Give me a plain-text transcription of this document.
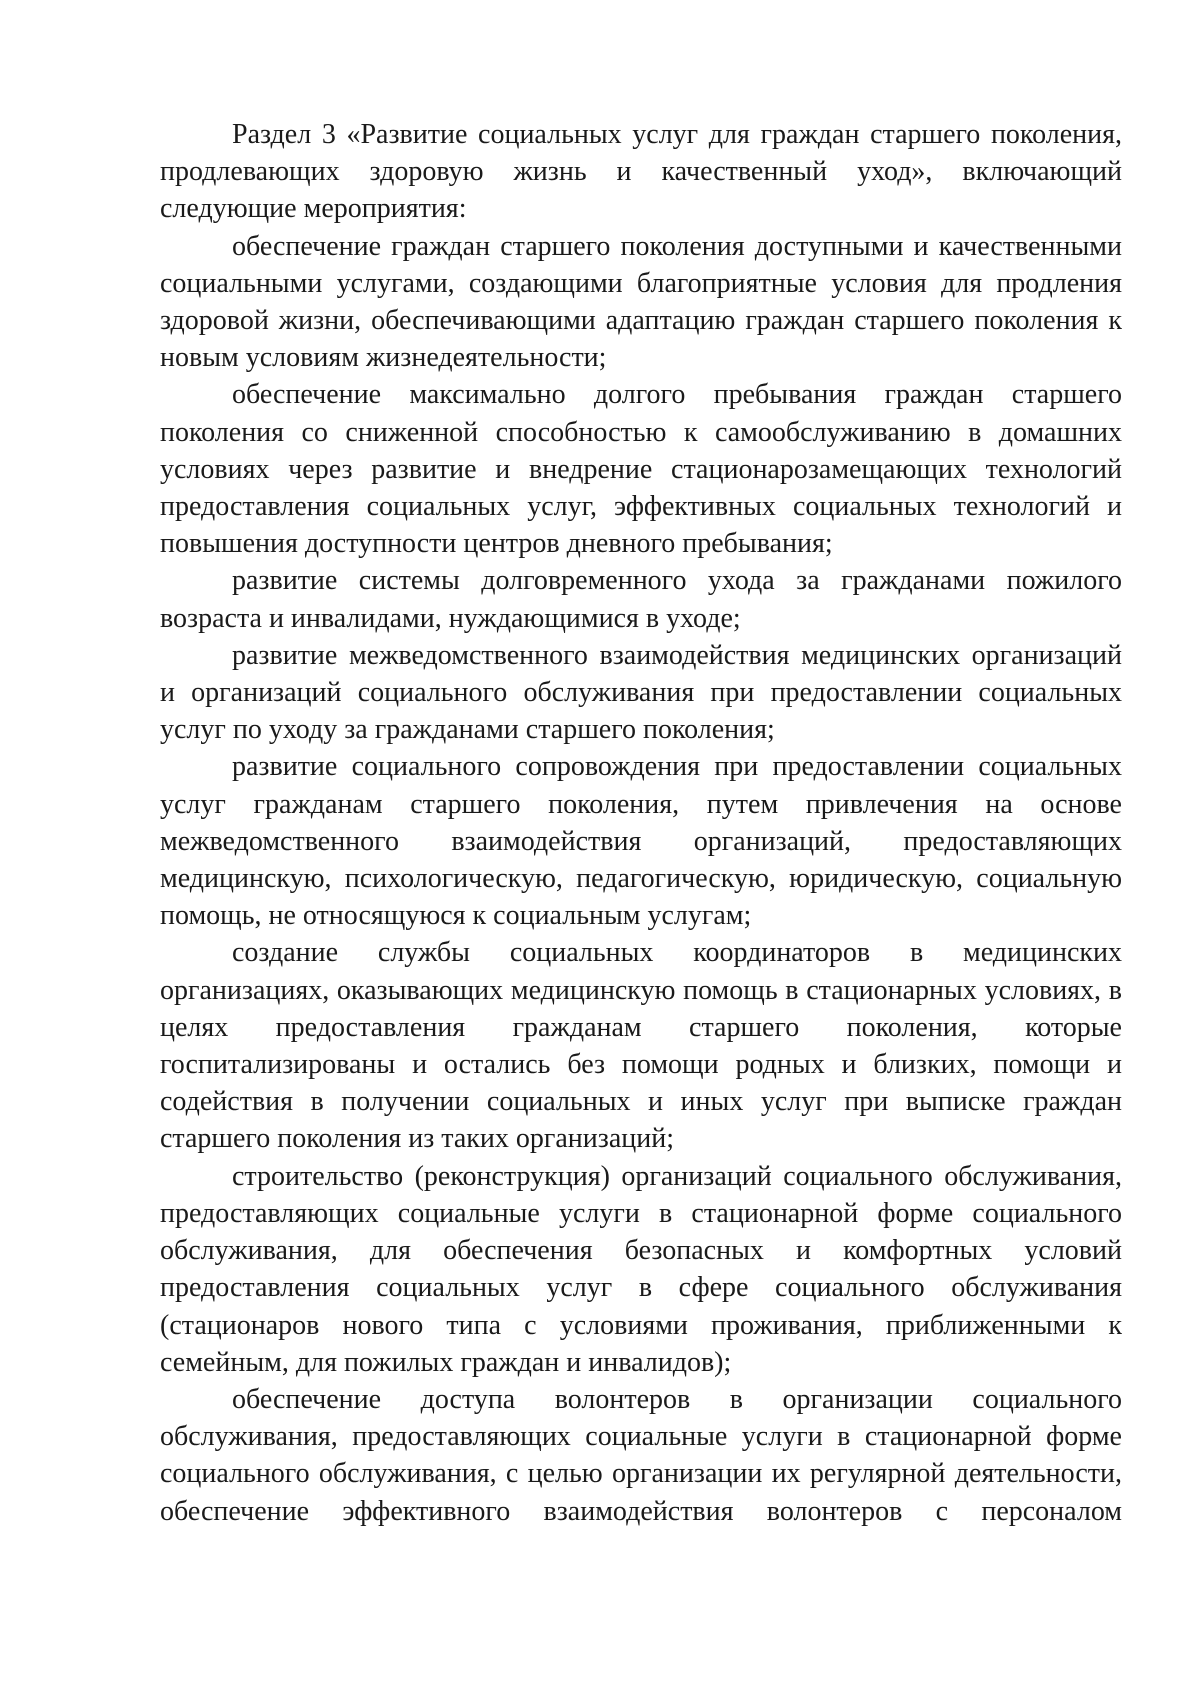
Раздел 3 «Развитие социальных услуг для граждан старшего поколения, продлевающих здоровую жизнь и качественный уход», включающий следующие мероприятия:

обеспечение граждан старшего поколения доступными и качественными социальными услугами, создающими благоприятные условия для продления здоровой жизни, обеспечивающими адаптацию граждан старшего поколения к новым условиям жизнедеятельности;

обеспечение максимально долгого пребывания граждан старшего поколения со сниженной способностью к самообслуживанию в домашних условиях через развитие и внедрение стационарозамещающих технологий предоставления социальных услуг, эффективных социальных технологий и повышения доступности центров дневного пребывания;

развитие системы долговременного ухода за гражданами пожилого возраста и инвалидами, нуждающимися в уходе;

развитие межведомственного взаимодействия медицинских организаций и организаций социального обслуживания при предоставлении социальных услуг по уходу за гражданами старшего поколения;

развитие социального сопровождения при предоставлении социальных услуг гражданам старшего поколения, путем привлечения на основе межведомственного взаимодействия организаций, предоставляющих медицинскую, психологическую, педагогическую, юридическую, социальную помощь, не относящуюся к социальным услугам;

создание службы социальных координаторов в медицинских организациях, оказывающих медицинскую помощь в стационарных условиях, в целях предоставления гражданам старшего поколения, которые госпитализированы и остались без помощи родных и близких, помощи и содействия в получении социальных и иных услуг при выписке граждан старшего поколения из таких организаций;

строительство (реконструкция) организаций социального обслуживания, предоставляющих социальные услуги в стационарной форме социального обслуживания, для обеспечения безопасных и комфортных условий предоставления социальных услуг в сфере социального обслуживания (стационаров нового типа с условиями проживания, приближенными к семейным, для пожилых граждан и инвалидов);

обеспечение доступа волонтеров в организации социального обслуживания, предоставляющих социальные услуги в стационарной форме социального обслуживания, с целью организации их регулярной деятельности, обеспечение эффективного взаимодействия волонтеров с персоналом
